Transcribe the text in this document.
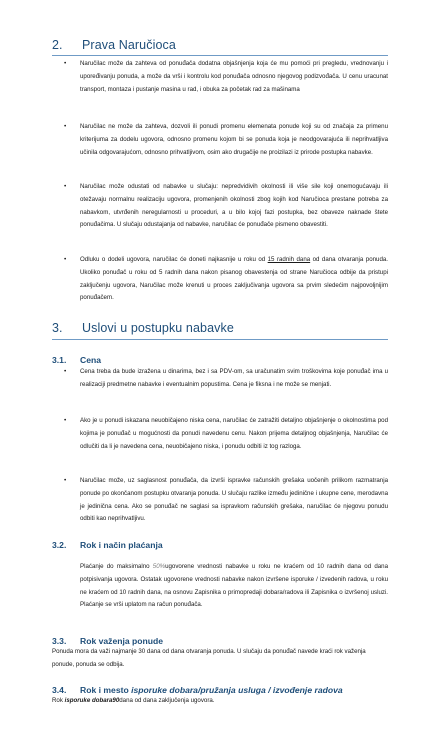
2. Prava Naručioca
• Naručilac može da zahteva od ponuđača dodatna objašnjenja koja će mu pomoći pri pregledu, vrednovanju i upoređivanju ponuda, a može da vrši i kontrolu kod ponuđača odnosno njegovog podizvođača. U cenu uracunat transport, montaza i pustanje masina u rad, i obuka za početak rad za mašinama

• Naručilac ne može da zahteva, dozvoli ili ponudi promenu elemenata ponude koji su od značaja za primenu kriterijuma za dodelu ugovora, odnosno promenu kojom bi se ponuda koja je neodgovarajuća ili neprihvatljiva učinila odgovarajućom, odnosno prihvatljivom, osim ako drugačije ne proizilazi iz prirode postupka nabavke.

• Naručilac može odustati od nabavke u slučaju: nepredvidivih okolnosti ili više sile koji onemogućavaju ili otežavaju normalnu realizaciju ugovora, promenjenih okolnosti zbog kojih kod Naručioca prestane potreba za nabavkom, utvrđenih neregularnosti u proceduri, a u bilo kojoj fazi postupka, bez obaveze naknade štete ponuđačima. U slučaju odustajanja od nabavke, naručilac će ponuđače pismeno obavestiti.

• Odluku o dodeli ugovora, naručilac će doneti najkasnije u roku od 15 radnih dana od dana otvaranja ponuda. Ukoliko ponuđač u roku od 5 radnih dana nakon pisanog obavestenja od strane Naručioca odbije da pristupi zaključenju ugovora, Naručilac može krenuti u proces zaključivanja ugovora sa prvim sledećim najpovoljnijim ponuđačem.

3. Uslovi u postupku nabavke
3.1. Cena
• Cena treba da bude izražena u dinarima, bez i sa PDV-om, sa uračunatim svim troškovima koje ponuđač ima u realizaciji predmetne nabavke i eventualnim popustima. Cena je fiksna i ne može se menjati.

• Ako je u ponudi iskazana neuobičajeno niska cena, naručilac će zatražiti detaljno objašnjenje o okolnostima pod kojima je ponuđač u mogućnosti da ponudi navedenu cenu. Nakon prijema detaljnog objašnjenja, Naručilac će odlučiti da li je navedena cena, neuobičajeno niska, i ponudu odbiti iz tog razloga.

• Naručilac može, uz saglasnost ponuđača, da izvrši ispravke računskih grešaka uočenih prilikom razmatranja ponude po okončanom postupku otvaranja ponuda. U slučaju razlike između jedinične i ukupne cene, merodavna je jedinična cena. Ako se ponuđač ne saglasi sa ispravkom računskih grešaka, naručilac će njegovu ponudu odbiti kao neprihvatljivu.

3.2. Rok i način plaćanja

Plaćanje do maksimalno 50%ugovorene vrednosti nabavke u roku ne kraćem od 10 radnih dana od dana potpisivanja ugovora. Ostatak ugovorene vrednosti nabavke nakon izvršene isporuke / izvedenih radova, u roku ne kraćem od 10 radnih dana, na osnovu Zapisnika o primopredaji dobara/radova ili Zapisnika o izvršenoj usluzi. Plaćanje se vrši uplatom na račun ponuđača.

3.3. Rok važenja ponude

Ponuda mora da važi najmanje 30 dana od dana otvaranja ponuda. U slučaju da ponuđač navede kraći rok važenja ponude, ponuda se odbija.

3.4. Rok i mesto isporuke dobara/pružanja usluga / izvođenje radova

Rok isporuke dobara90dana od dana zaključenja ugovora.
